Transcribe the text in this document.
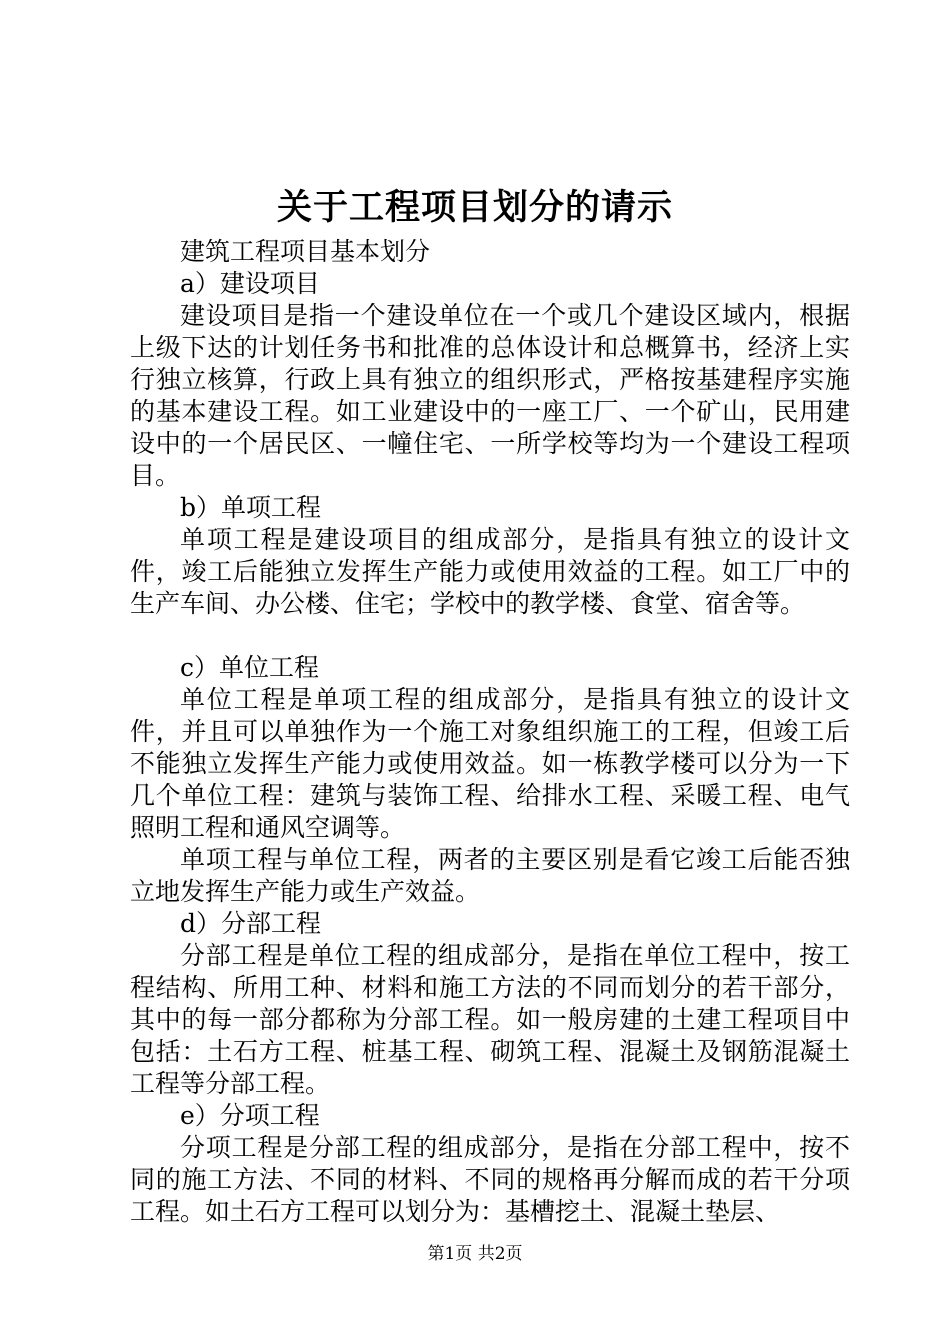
关于工程项目划分的请示

建筑工程项目基本划分

a）建设项目

建设项目是指一个建设单位在一个或几个建设区域内，根据上级下达的计划任务书和批准的总体设计和总概算书，经济上实行独立核算，行政上具有独立的组织形式，严格按基建程序实施的基本建设工程。如工业建设中的一座工厂、一个矿山，民用建设中的一个居民区、一幢住宅、一所学校等均为一个建设工程项目。

b）单项工程

单项工程是建设项目的组成部分，是指具有独立的设计文件，竣工后能独立发挥生产能力或使用效益的工程。如工厂中的生产车间、办公楼、住宅；学校中的教学楼、食堂、宿舍等。

c）单位工程

单位工程是单项工程的组成部分，是指具有独立的设计文件，并且可以单独作为一个施工对象组织施工的工程，但竣工后不能独立发挥生产能力或使用效益。如一栋教学楼可以分为一下几个单位工程：建筑与装饰工程、给排水工程、采暖工程、电气照明工程和通风空调等。

单项工程与单位工程，两者的主要区别是看它竣工后能否独立地发挥生产能力或生产效益。

d）分部工程

分部工程是单位工程的组成部分，是指在单位工程中，按工程结构、所用工种、材料和施工方法的不同而划分的若干部分，其中的每一部分都称为分部工程。如一般房建的土建工程项目中包括：土石方工程、桩基工程、砌筑工程、混凝土及钢筋混凝土工程等分部工程。

e）分项工程

分项工程是分部工程的组成部分，是指在分部工程中，按不同的施工方法、不同的材料、不同的规格再分解而成的若干分项工程。如土石方工程可以划分为：基槽挖土、混凝土垫层、

第1页 共2页
